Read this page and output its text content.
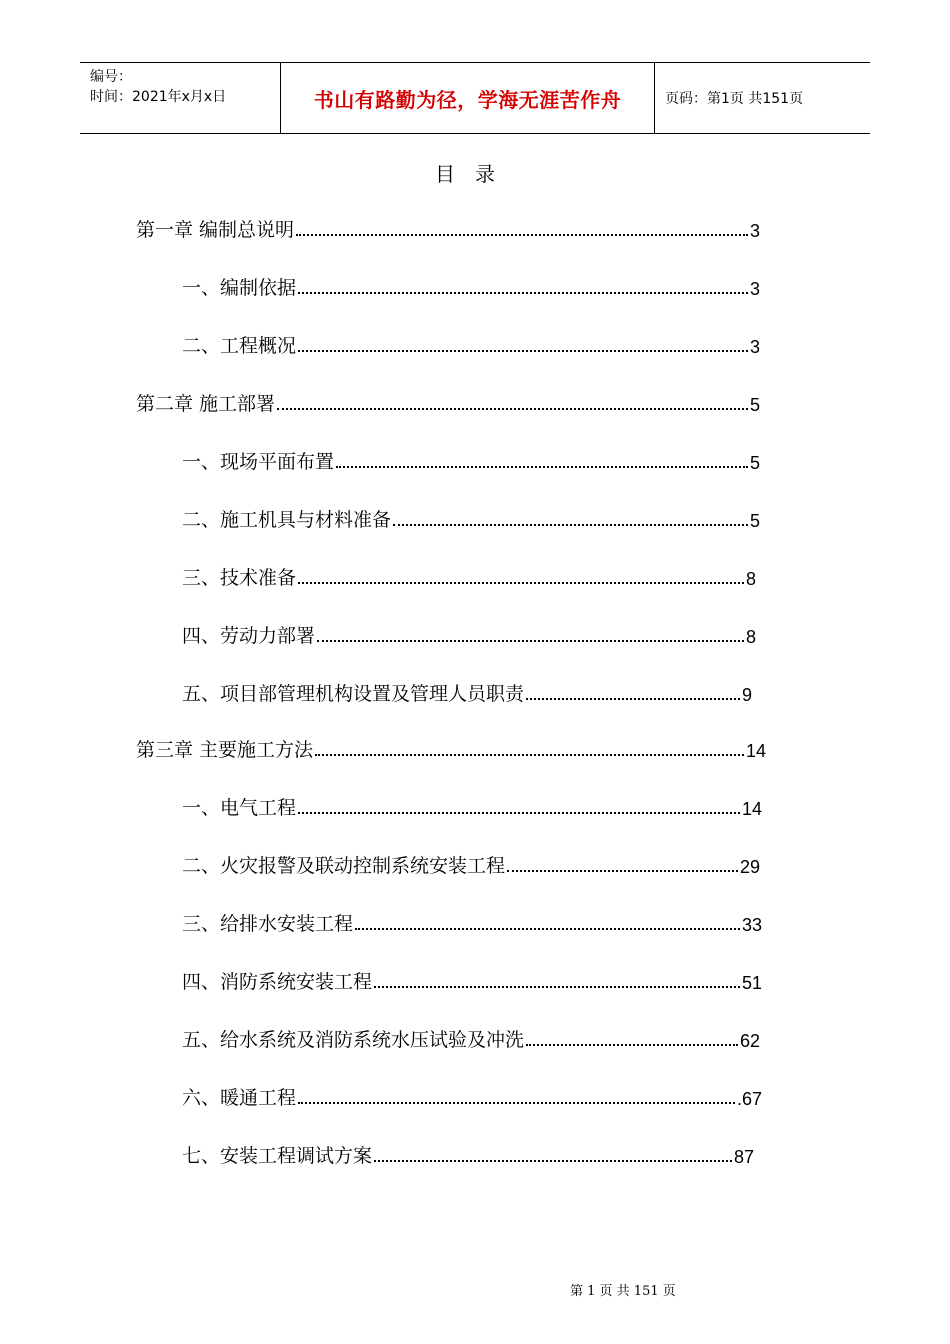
编号：
时间：2021年x月x日	书山有路勤为径，学海无涯苦作舟	页码：第1页 共151页
目录
第一章 编制总说明	3
一、编制依据	3
二、工程概况	3
第二章 施工部署	5
一、现场平面布置	5
二、施工机具与材料准备	5
三、技术准备	8
四、劳动力部署	8
五、项目部管理机构设置及管理人员职责	9
第三章 主要施工方法	14
一、电气工程	14
二、火灾报警及联动控制系统安装工程	29
三、给排水安装工程	33
四、消防系统安装工程	51
五、给水系统及消防系统水压试验及冲洗	62
六、暖通工程	.67
七、安装工程调试方案	87
第 1 页 共 151 页
